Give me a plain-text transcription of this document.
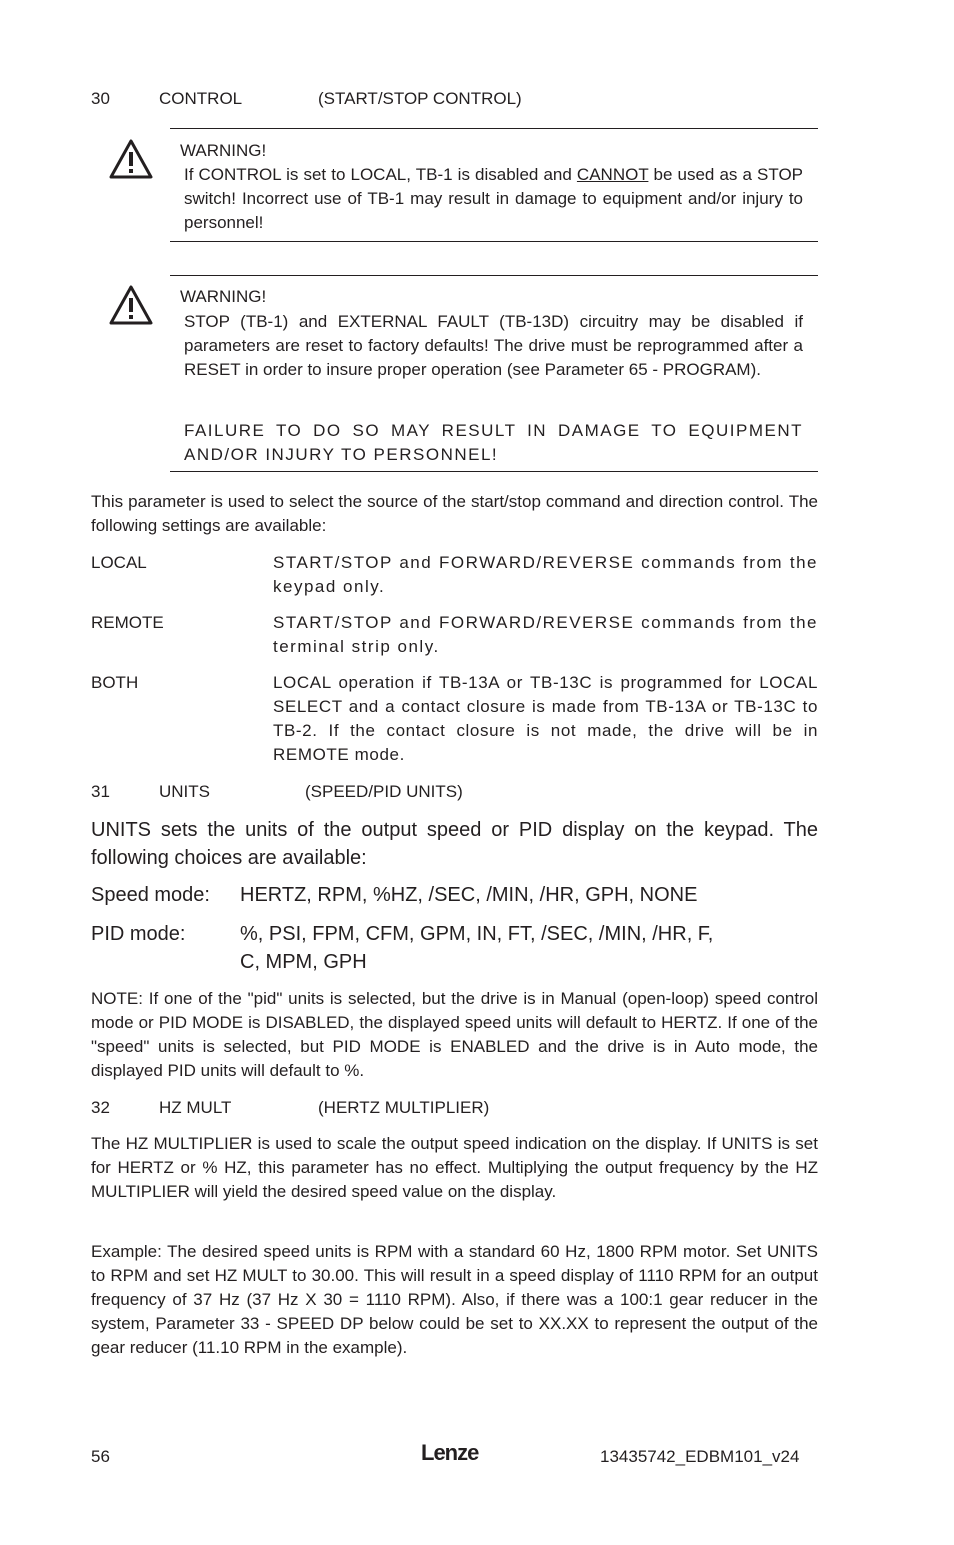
30	CONTROL	(START/STOP CONTROL)
WARNING!
If CONTROL is set to LOCAL, TB-1 is disabled and CANNOT be used as a STOP switch! Incorrect use of TB-1 may result in damage to equipment and/or injury to personnel!
WARNING!
STOP (TB-1) and EXTERNAL FAULT (TB-13D) circuitry may be disabled if parameters are reset to factory defaults! The drive must be reprogrammed after a RESET in order to insure proper operation (see Parameter 65 - PROGRAM).
FAILURE TO DO SO MAY RESULT IN DAMAGE TO EQUIPMENT AND/OR INJURY TO PERSONNEL!
This parameter is used to select the source of the start/stop command and direction control. The following settings are available:
LOCAL	START/STOP and FORWARD/REVERSE commands from the keypad only.
REMOTE	START/STOP and FORWARD/REVERSE commands from the terminal strip only.
BOTH	LOCAL operation if TB-13A or TB-13C is programmed for LOCAL SELECT and a contact closure is made from TB-13A or TB-13C to TB-2. If the contact closure is not made, the drive will be in REMOTE mode.
31	UNITS	(SPEED/PID UNITS)
UNITS sets the units of the output speed or PID display on the keypad. The following choices are available:
Speed mode: HERTZ, RPM, %HZ, /SEC, /MIN, /HR, GPH, NONE
PID mode:	%, PSI, FPM, CFM, GPM, IN, FT, /SEC, /MIN, /HR, F, C, MPM, GPH
NOTE: If one of the "pid" units is selected, but the drive is in Manual (open-loop) speed control mode or PID MODE is DISABLED, the displayed speed units will default to HERTZ. If one of the "speed" units is selected, but PID MODE is ENABLED and the drive is in Auto mode, the displayed PID units will default to %.
32	HZ MULT	(HERTZ MULTIPLIER)
The HZ MULTIPLIER is used to scale the output speed indication on the display. If UNITS is set for HERTZ or % HZ, this parameter has no effect. Multiplying the output frequency by the HZ MULTIPLIER will yield the desired speed value on the display.
Example: The desired speed units is RPM with a standard 60 Hz, 1800 RPM motor. Set UNITS to RPM and set HZ MULT to 30.00. This will result in a speed display of 1110 RPM for an output frequency of 37 Hz (37 Hz X 30 = 1110 RPM). Also, if there was a 100:1 gear reducer in the system, Parameter 33 - SPEED DP below could be set to XX.XX to represent the output of the gear reducer (11.10 RPM in the example).
56	Lenze	13435742_EDBM101_v24
